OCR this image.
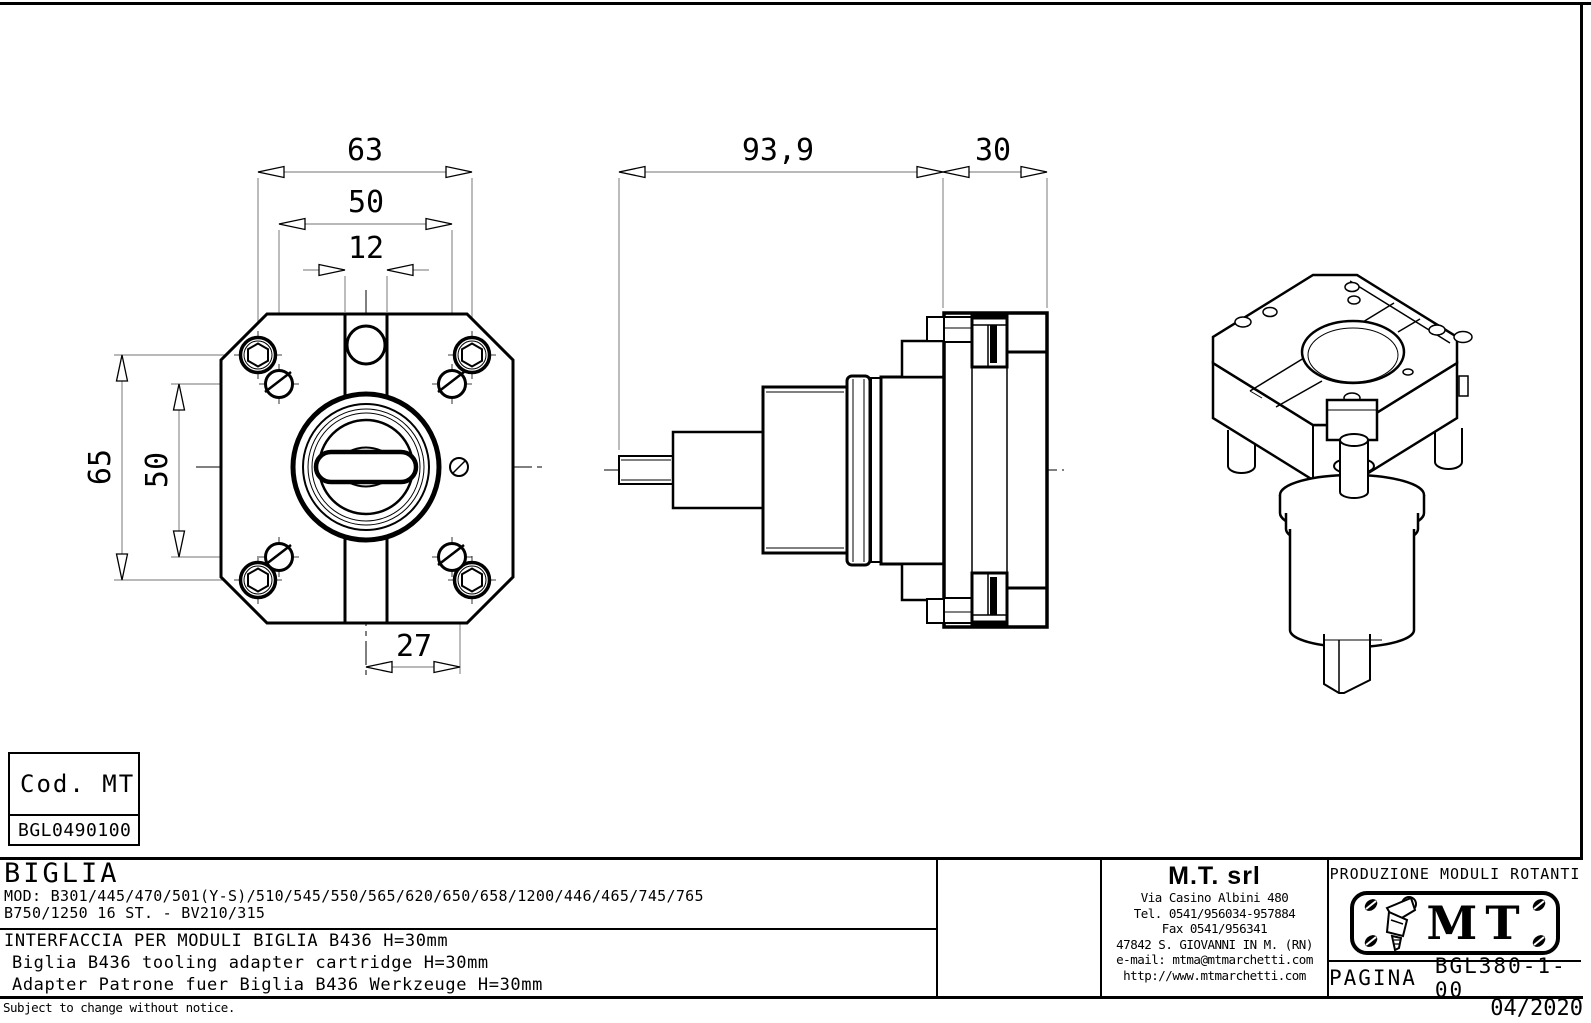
63
50
12
65 50
27
93,9	30
Cod. MT
BGL0490100
BIGLIA
MOD: B301/445/470/501(Y-S)/510/545/550/565/620/650/658/1200/446/465/745/765
B750/1250 16 ST. - BV210/315
INTERFACCIA PER MODULI BIGLIA B436 H=30mm
Biglia B436 tooling adapter cartridge H=30mm
Adapter Patrone fuer Biglia B436 Werkzeuge H=30mm
M.T. srl
Via Casino Albini 480
Tel. 0541/956034-957884
Fax 0541/956341
47842 S. GIOVANNI IN M. (RN)
e-mail: mtma@mtmarchetti.com
http://www.mtmarchetti.com
PRODUZIONE MODULI ROTANTI
MT
PAGINA BGL380-1-00
Subject to change without notice.	04/2020
